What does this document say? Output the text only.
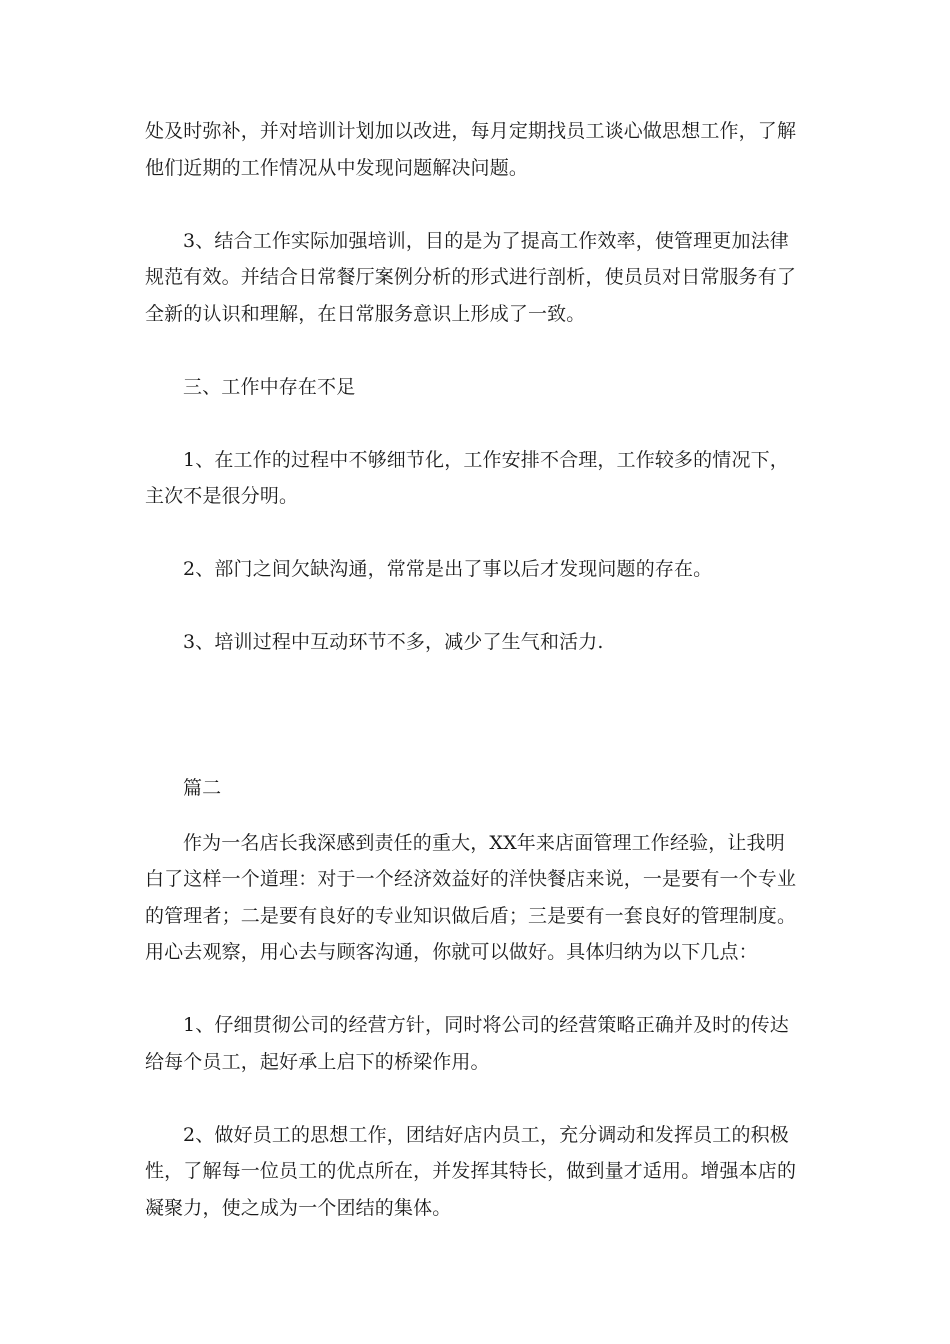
处及时弥补，并对培训计划加以改进，每月定期找员工谈心做思想工作，了解
他们近期的工作情况从中发现问题解决问题。

3、结合工作实际加强培训，目的是为了提高工作效率，使管理更加法律
规范有效。并结合日常餐厅案例分析的形式进行剖析，使员员对日常服务有了
全新的认识和理解，在日常服务意识上形成了一致。

三、工作中存在不足

1、在工作的过程中不够细节化，工作安排不合理，工作较多的情况下，
主次不是很分明。

2、部门之间欠缺沟通，常常是出了事以后才发现问题的存在。

3、培训过程中互动环节不多，减少了生气和活力.

篇二

作为一名店长我深感到责任的重大，XX年来店面管理工作经验，让我明
白了这样一个道理：对于一个经济效益好的洋快餐店来说，一是要有一个专业
的管理者；二是要有良好的专业知识做后盾；三是要有一套良好的管理制度。
用心去观察，用心去与顾客沟通，你就可以做好。具体归纳为以下几点：

1、仔细贯彻公司的经营方针，同时将公司的经营策略正确并及时的传达
给每个员工，起好承上启下的桥梁作用。

2、做好员工的思想工作，团结好店内员工，充分调动和发挥员工的积极
性，了解每一位员工的优点所在，并发挥其特长，做到量才适用。增强本店的
凝聚力，使之成为一个团结的集体。
